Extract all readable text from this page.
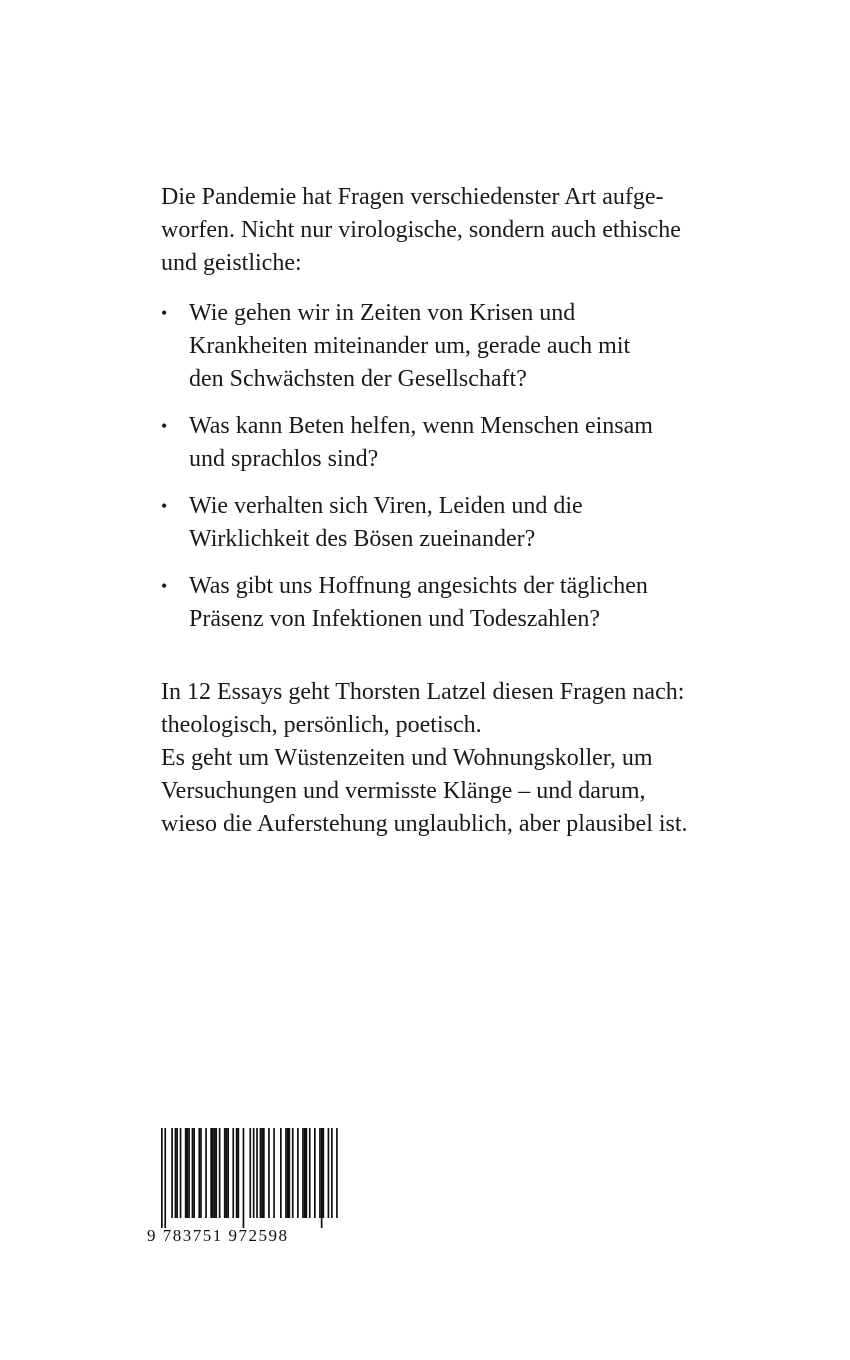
Die Pandemie hat Fragen verschiedenster Art aufge-
worfen. Nicht nur virologische, sondern auch ethische
und geistliche:

• Wie gehen wir in Zeiten von Krisen und
Krankheiten miteinander um, gerade auch mit
den Schwächsten der Gesellschaft?
• Was kann Beten helfen, wenn Menschen einsam
und sprachlos sind?
• Wie verhalten sich Viren, Leiden und die
Wirklichkeit des Bösen zueinander?
• Was gibt uns Hoffnung angesichts der täglichen
Präsenz von Infektionen und Todeszahlen?

In 12 Essays geht Thorsten Latzel diesen Fragen nach:
theologisch, persönlich, poetisch.
Es geht um Wüstenzeiten und Wohnungskoller, um
Versuchungen und vermisste Klänge – und darum,
wieso die Auferstehung unglaublich, aber plausibel ist.

9 783751 972598
